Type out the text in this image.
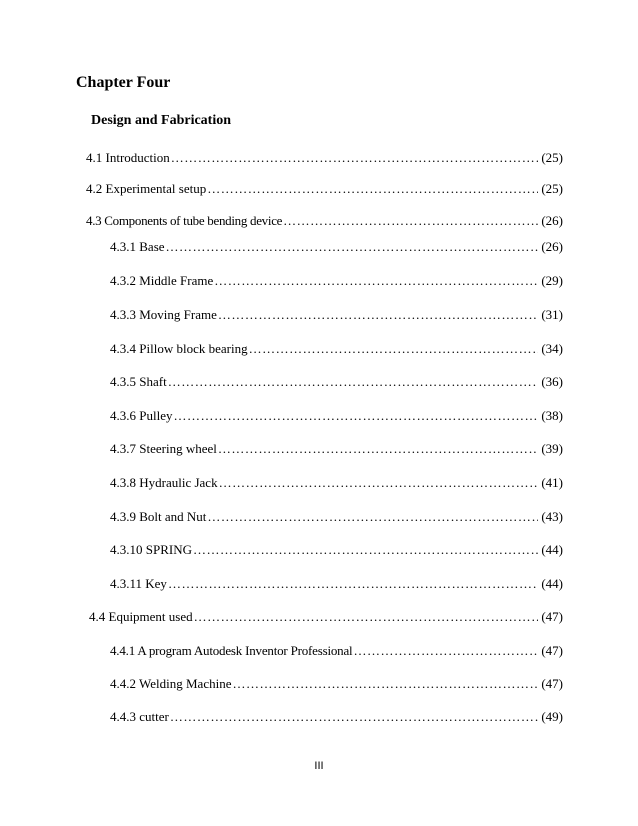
Chapter Four
Design and Fabrication
4.1 Introduction ……………………………………………………………………………………………………………………………………………………………	(25)
4.2 Experimental setup ……………………………………………………………………………………………………………………………………………………………	(25)
4.3 Components of tube bending device ……………………………………………………………………………………………………………………………………………………………	(26)
4.3.1 Base ……………………………………………………………………………………………………………………………………………………………	(26)
4.3.2 Middle Frame ……………………………………………………………………………………………………………………………………………………………	(29)
4.3.3 Moving Frame ……………………………………………………………………………………………………………………………………………………………	(31)
4.3.4 Pillow block bearing ……………………………………………………………………………………………………………………………………………………………	(34)
4.3.5 Shaft ……………………………………………………………………………………………………………………………………………………………	(36)
4.3.6 Pulley ……………………………………………………………………………………………………………………………………………………………	(38)
4.3.7 Steering wheel ……………………………………………………………………………………………………………………………………………………………	(39)
4.3.8 Hydraulic Jack ……………………………………………………………………………………………………………………………………………………………	(41)
4.3.9 Bolt and Nut ……………………………………………………………………………………………………………………………………………………………	(43)
4.3.10 SPRING ……………………………………………………………………………………………………………………………………………………………	(44)
4.3.11 Key ……………………………………………………………………………………………………………………………………………………………	(44)
4.4 Equipment used ……………………………………………………………………………………………………………………………………………………………	(47)
4.4.1 A program Autodesk Inventor Professional ……………………………………………………………………………………………………………………………………………………………	(47)
4.4.2 Welding Machine ……………………………………………………………………………………………………………………………………………………………	(47)
4.4.3 cutter ……………………………………………………………………………………………………………………………………………………………	(49)
III
